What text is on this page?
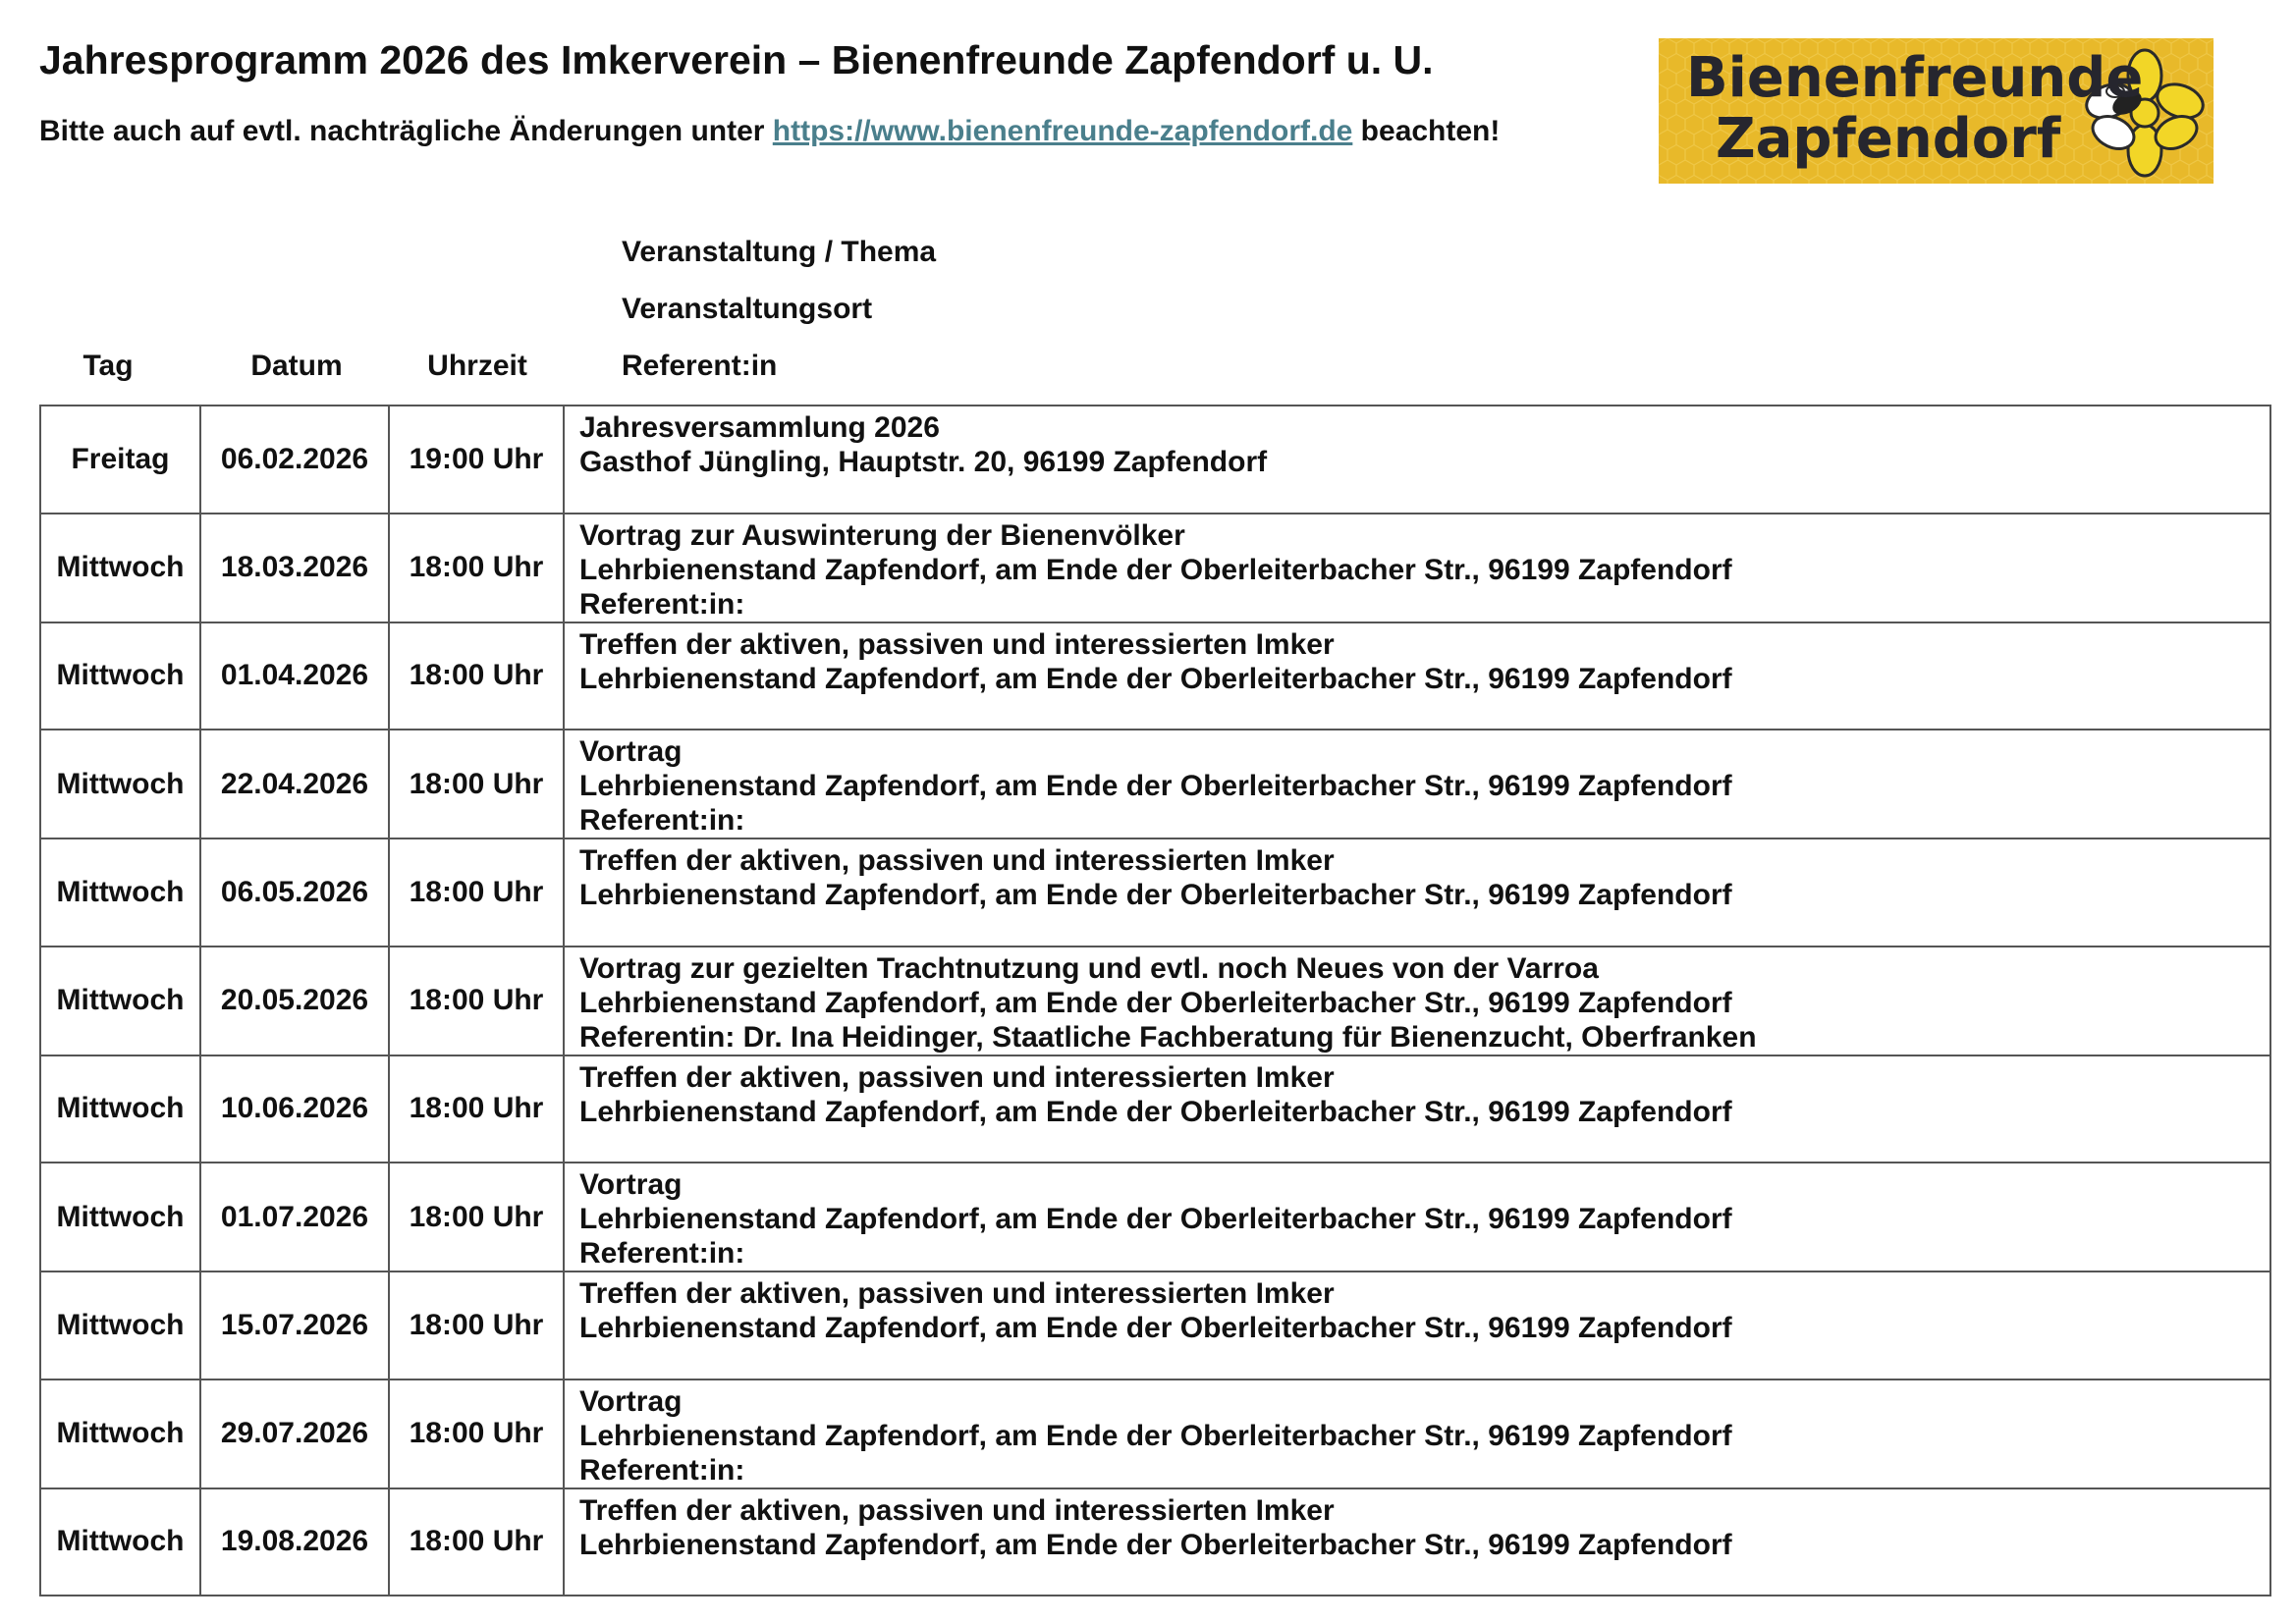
Jahresprogramm 2026 des Imkerverein – Bienenfreunde Zapfendorf u. U.
Bitte auch auf evtl. nachträgliche Änderungen unter https://www.bienenfreunde-zapfendorf.de beachten!
Bienenfreunde
Zapfendorf
Veranstaltung / Thema
Veranstaltungsort
Referent:in
Tag	Datum	Uhrzeit
Freitag	06.02.2026	19:00 Uhr	Jahresversammlung 2026
Gasthof Jüngling, Hauptstr. 20, 96199 Zapfendorf

Mittwoch	18.03.2026	18:00 Uhr	Vortrag zur Auswinterung der Bienenvölker
Lehrbienenstand Zapfendorf, am Ende der Oberleiterbacher Str., 96199 Zapfendorf
Referent:in:

Mittwoch	01.04.2026	18:00 Uhr	Treffen der aktiven, passiven und interessierten Imker
Lehrbienenstand Zapfendorf, am Ende der Oberleiterbacher Str., 96199 Zapfendorf

Mittwoch	22.04.2026	18:00 Uhr	Vortrag
Lehrbienenstand Zapfendorf, am Ende der Oberleiterbacher Str., 96199 Zapfendorf
Referent:in:

Mittwoch	06.05.2026	18:00 Uhr	Treffen der aktiven, passiven und interessierten Imker
Lehrbienenstand Zapfendorf, am Ende der Oberleiterbacher Str., 96199 Zapfendorf

Mittwoch	20.05.2026	18:00 Uhr	Vortrag zur gezielten Trachtnutzung und evtl. noch Neues von der Varroa
Lehrbienenstand Zapfendorf, am Ende der Oberleiterbacher Str., 96199 Zapfendorf
Referentin: Dr. Ina Heidinger, Staatliche Fachberatung für Bienenzucht, Oberfranken

Mittwoch	10.06.2026	18:00 Uhr	Treffen der aktiven, passiven und interessierten Imker
Lehrbienenstand Zapfendorf, am Ende der Oberleiterbacher Str., 96199 Zapfendorf

Mittwoch	01.07.2026	18:00 Uhr	Vortrag
Lehrbienenstand Zapfendorf, am Ende der Oberleiterbacher Str., 96199 Zapfendorf
Referent:in:

Mittwoch	15.07.2026	18:00 Uhr	Treffen der aktiven, passiven und interessierten Imker
Lehrbienenstand Zapfendorf, am Ende der Oberleiterbacher Str., 96199 Zapfendorf

Mittwoch	29.07.2026	18:00 Uhr	Vortrag
Lehrbienenstand Zapfendorf, am Ende der Oberleiterbacher Str., 96199 Zapfendorf
Referent:in:

Mittwoch	19.08.2026	18:00 Uhr	Treffen der aktiven, passiven und interessierten Imker
Lehrbienenstand Zapfendorf, am Ende der Oberleiterbacher Str., 96199 Zapfendorf
